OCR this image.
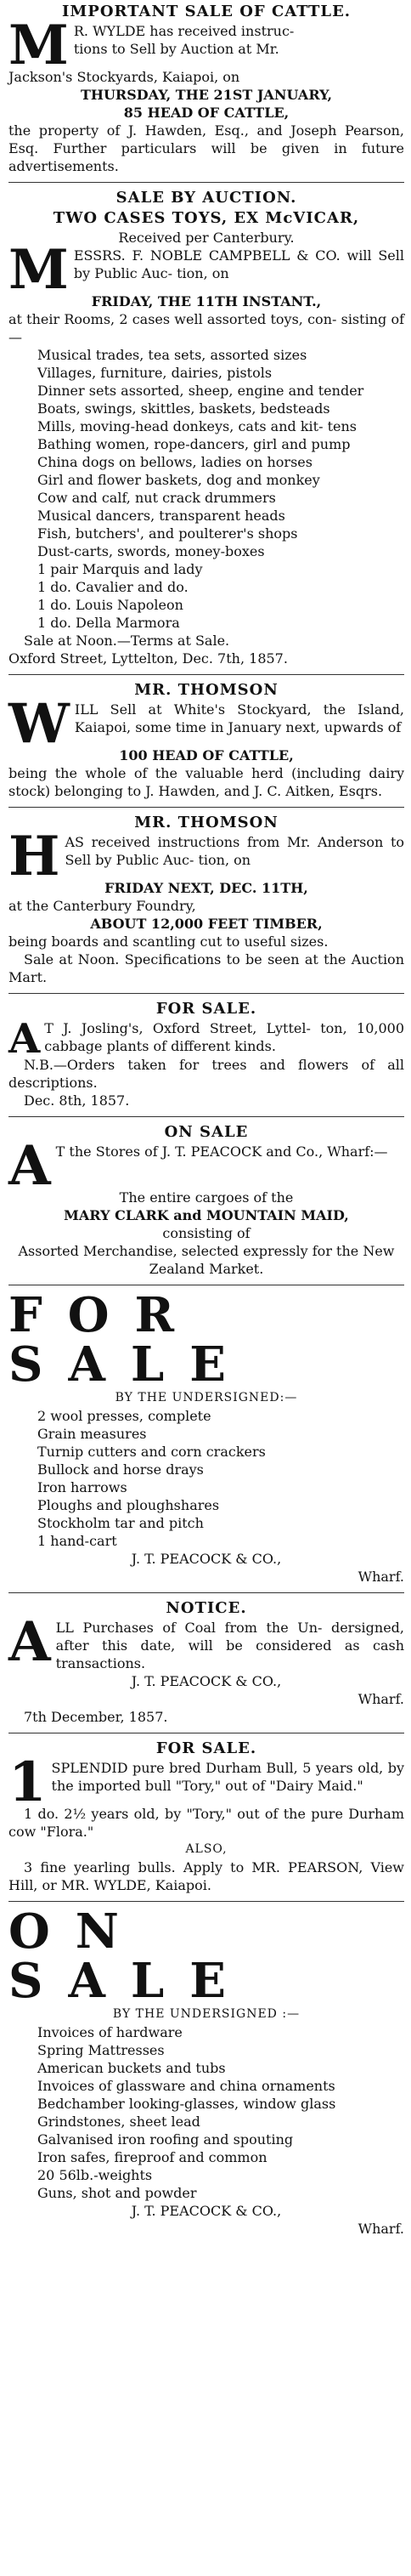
IMPORTANT SALE OF CATTLE.
M R. WYLDE has received instruc-
tions to Sell by Auction at Mr.
Jackson's Stockyards, Kaiapoi, on
THURSDAY, THE 21ST JANUARY,
85 HEAD OF CATTLE,
the property of J. Hawden, Esq., and Joseph Pearson, Esq. Further particulars will be given in future advertisements.
SALE BY AUCTION.
TWO CASES TOYS, EX McVICAR,
Received per Canterbury.
M ESSRS. F. NOBLE CAMPBELL & CO. will Sell by Public Auc- tion, on
FRIDAY, THE 11TH INSTANT.,
at their Rooms, 2 cases well assorted toys, con- sisting of—
Musical trades, tea sets, assorted sizes
Villages, furniture, dairies, pistols
Dinner sets assorted, sheep, engine and tender
Boats, swings, skittles, baskets, bedsteads
Mills, moving-head donkeys, cats and kit- tens
Bathing women, rope-dancers, girl and pump
China dogs on bellows, ladies on horses
Girl and flower baskets, dog and monkey
Cow and calf, nut crack drummers
Musical dancers, transparent heads
Fish, butchers', and poulterer's shops
Dust-carts, swords, money-boxes
1 pair Marquis and lady
1 do. Cavalier and do.
1 do. Louis Napoleon
1 do. Della Marmora
Sale at Noon.—Terms at Sale.
Oxford Street, Lyttelton, Dec. 7th, 1857.
MR. THOMSON
W ILL Sell at White's Stockyard, the Island, Kaiapoi, some time in January next, upwards of
100 HEAD OF CATTLE,
being the whole of the valuable herd (including dairy stock) belonging to J. Hawden, and J. C. Aitken, Esqrs.
MR. THOMSON
H AS received instructions from Mr. Anderson to Sell by Public Auc- tion, on
FRIDAY NEXT, DEC. 11TH,
at the Canterbury Foundry,
ABOUT 12,000 FEET TIMBER,
being boards and scantling cut to useful sizes.
Sale at Noon. Specifications to be seen at the Auction Mart.
FOR SALE.
A T J. Josling's, Oxford Street, Lyttel- ton, 10,000 cabbage plants of different kinds.
N.B.—Orders taken for trees and flowers of all descriptions.
Dec. 8th, 1857.
ON SALE
A T the Stores of J. T. PEACOCK and Co., Wharf:—
The entire cargoes of the
MARY CLARK and MOUNTAIN MAID,
consisting of
Assorted Merchandise, selected expressly for the New Zealand Market.
FOR SALE
BY THE UNDERSIGNED:—
2 wool presses, complete
Grain measures
Turnip cutters and corn crackers
Bullock and horse drays
Iron harrows
Ploughs and ploughshares
Stockholm tar and pitch
1 hand-cart
J. T. PEACOCK & CO.,
Wharf.
NOTICE.
A LL Purchases of Coal from the Un- dersigned, after this date, will be considered as cash transactions.
J. T. PEACOCK & CO.,
Wharf.
7th December, 1857.
FOR SALE.
1 SPLENDID pure bred Durham Bull, 5 years old, by the imported bull "Tory," out of "Dairy Maid."
1 do. 2½ years old, by "Tory," out of the pure Durham cow "Flora."
ALSO,
3 fine yearling bulls. Apply to MR. PEARSON, View Hill, or MR. WYLDE, Kaiapoi.
ON SALE
BY THE UNDERSIGNED :—
Invoices of hardware
Spring Mattresses
American buckets and tubs
Invoices of glassware and china ornaments
Bedchamber looking-glasses, window glass
Grindstones, sheet lead
Galvanised iron roofing and spouting
Iron safes, fireproof and common
20 56lb.-weights
Guns, shot and powder
J. T. PEACOCK & CO.,
Wharf.
